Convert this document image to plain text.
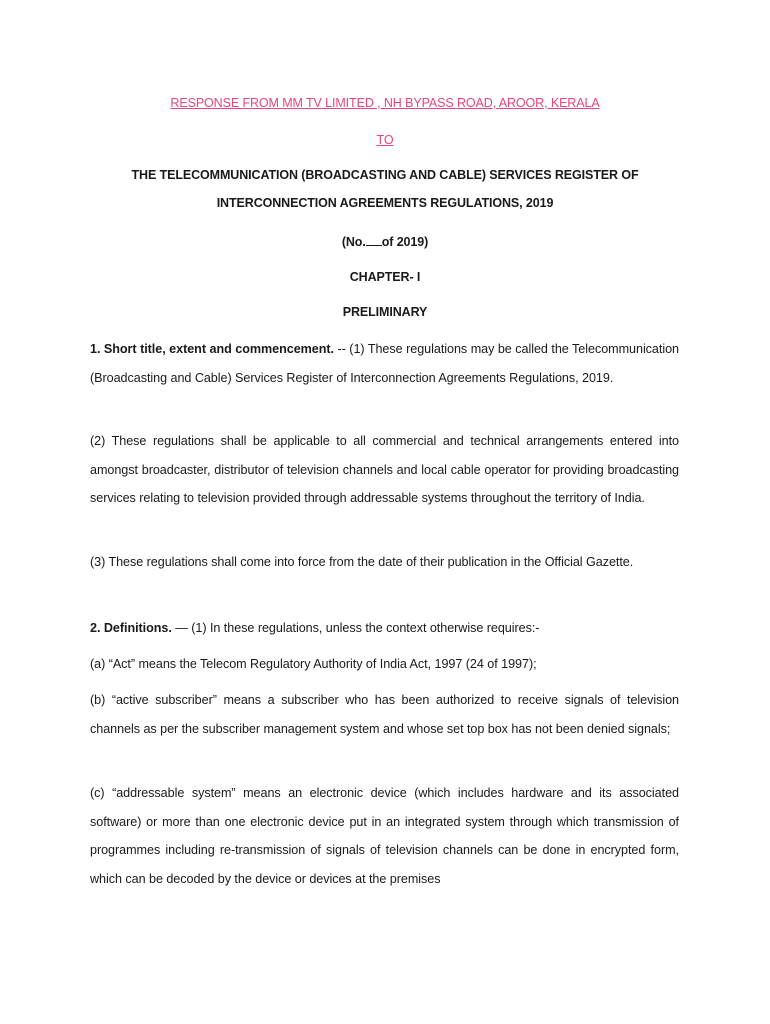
RESPONSE FROM MM TV LIMITED , NH BYPASS ROAD, AROOR, KERALA
TO
THE TELECOMMUNICATION (BROADCASTING AND CABLE) SERVICES REGISTER OF
INTERCONNECTION AGREEMENTS REGULATIONS, 2019
(No. of 2019)
CHAPTER- I
PRELIMINARY
1. Short title, extent and commencement. -- (1) These regulations may be called the Telecommunication (Broadcasting and Cable) Services Register of Interconnection Agreements Regulations, 2019.
(2) These regulations shall be applicable to all commercial and technical arrangements entered into amongst broadcaster, distributor of television channels and local cable operator for providing broadcasting services relating to television provided through addressable systems throughout the territory of India.
(3) These regulations shall come into force from the date of their publication in the Official Gazette.
2. Definitions. — (1) In these regulations, unless the context otherwise requires:-
(a) “Act” means the Telecom Regulatory Authority of India Act, 1997 (24 of 1997);
(b) “active subscriber” means a subscriber who has been authorized to receive signals of television channels as per the subscriber management system and whose set top box has not been denied signals;
(c) “addressable system” means an electronic device (which includes hardware and its associated software) or more than one electronic device put in an integrated system through which transmission of programmes including re-transmission of signals of television channels can be done in encrypted form, which can be decoded by the device or devices at the premises
